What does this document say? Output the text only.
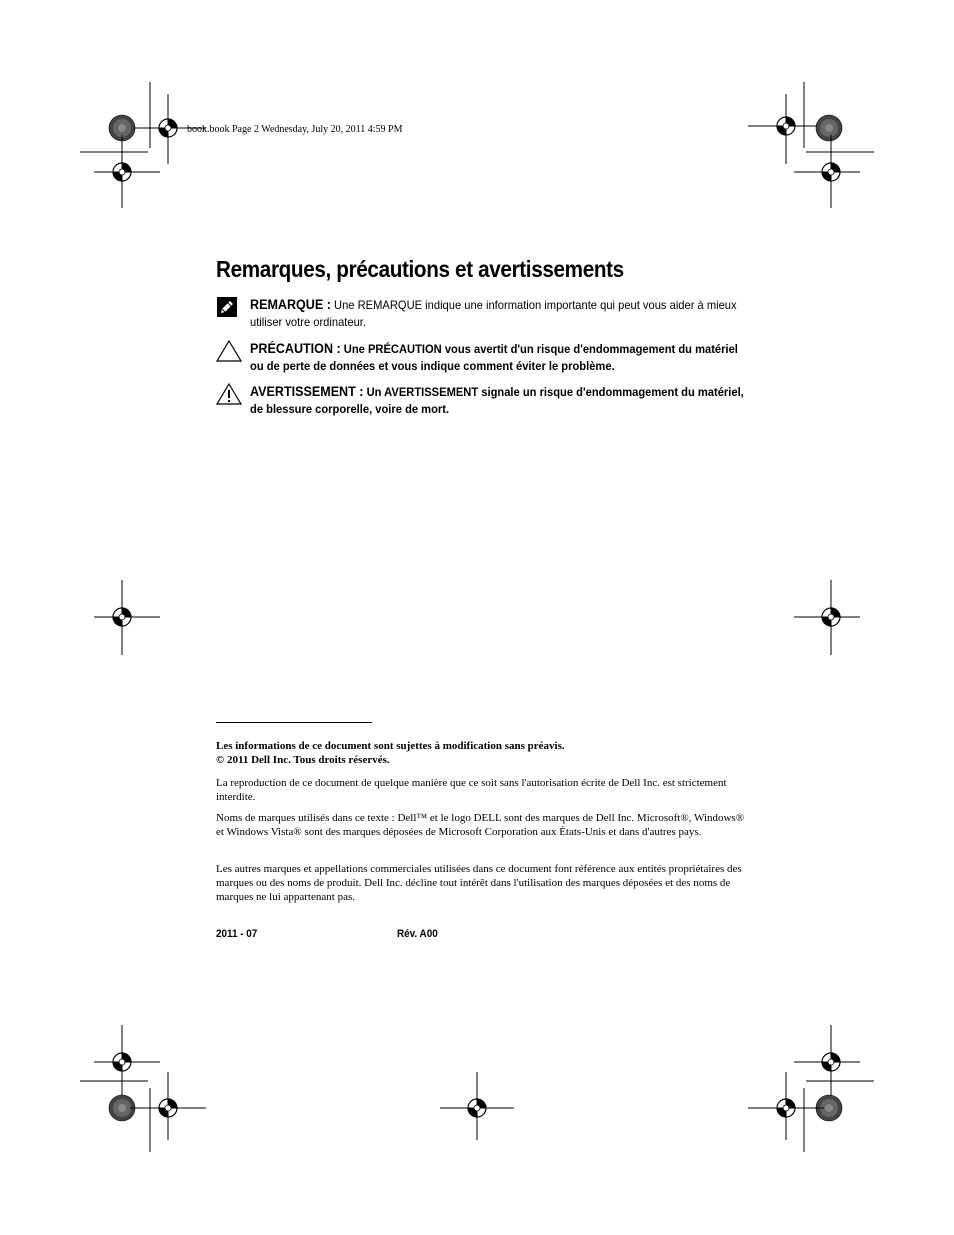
book.book Page 2 Wednesday, July 20, 2011 4:59 PM
Remarques, précautions et avertissements
REMARQUE : Une REMARQUE indique une information importante qui peut vous aider à mieux utiliser votre ordinateur.
PRÉCAUTION : Une PRÉCAUTION vous avertit d'un risque d'endommagement du matériel ou de perte de données et vous indique comment éviter le problème.
AVERTISSEMENT : Un AVERTISSEMENT signale un risque d'endommagement du matériel, de blessure corporelle, voire de mort.
Les informations de ce document sont sujettes à modification sans préavis.
© 2011 Dell Inc. Tous droits réservés.
La reproduction de ce document de quelque manière que ce soit sans l'autorisation écrite de Dell Inc. est strictement interdite.
Noms de marques utilisés dans ce texte : Dell™ et le logo DELL sont des marques de Dell Inc. Microsoft®, Windows® et Windows Vista® sont des marques déposées de Microsoft Corporation aux États-Unis et dans d'autres pays.
Les autres marques et appellations commerciales utilisées dans ce document font référence aux entités propriétaires des marques ou des noms de produit. Dell Inc. décline tout intérêt dans l'utilisation des marques déposées et des noms de marques ne lui appartenant pas.
2011 - 07	Rév. A00
